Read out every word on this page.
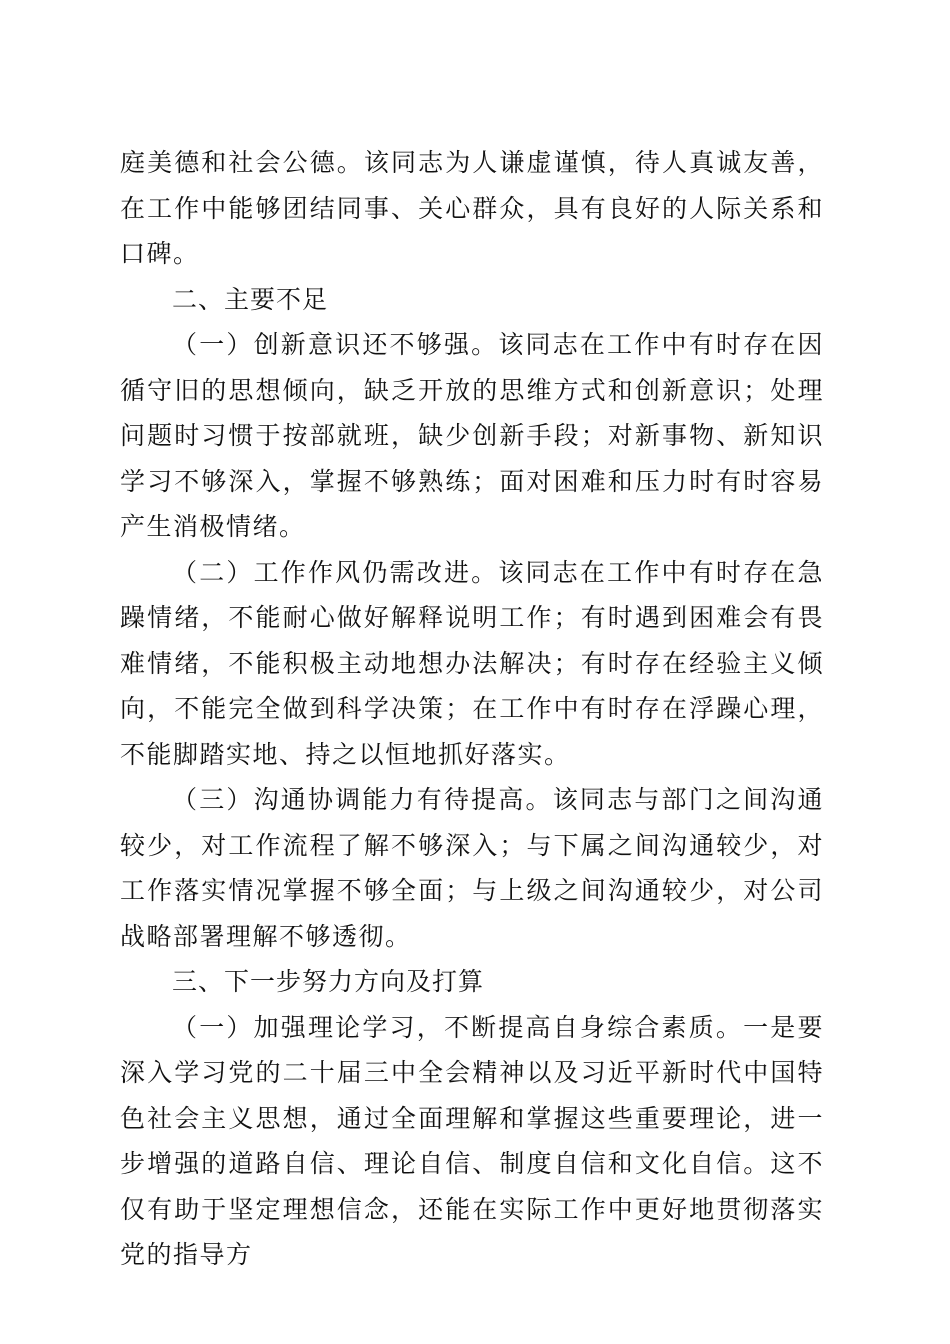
庭美德和社会公德。该同志为人谦虚谨慎，待人真诚友善，在工作中能够团结同事、关心群众，具有良好的人际关系和口碑。

二、主要不足

（一）创新意识还不够强。该同志在工作中有时存在因循守旧的思想倾向，缺乏开放的思维方式和创新意识；处理问题时习惯于按部就班，缺少创新手段；对新事物、新知识学习不够深入，掌握不够熟练；面对困难和压力时有时容易产生消极情绪。

（二）工作作风仍需改进。该同志在工作中有时存在急躁情绪，不能耐心做好解释说明工作；有时遇到困难会有畏难情绪，不能积极主动地想办法解决；有时存在经验主义倾向，不能完全做到科学决策；在工作中有时存在浮躁心理，不能脚踏实地、持之以恒地抓好落实。

（三）沟通协调能力有待提高。该同志与部门之间沟通较少，对工作流程了解不够深入；与下属之间沟通较少，对工作落实情况掌握不够全面；与上级之间沟通较少，对公司战略部署理解不够透彻。

三、下一步努力方向及打算

（一）加强理论学习，不断提高自身综合素质。一是要深入学习党的二十届三中全会精神以及习近平新时代中国特色社会主义思想，通过全面理解和掌握这些重要理论，进一步增强的道路自信、理论自信、制度自信和文化自信。这不仅有助于坚定理想信念，还能在实际工作中更好地贯彻落实党的指导方
